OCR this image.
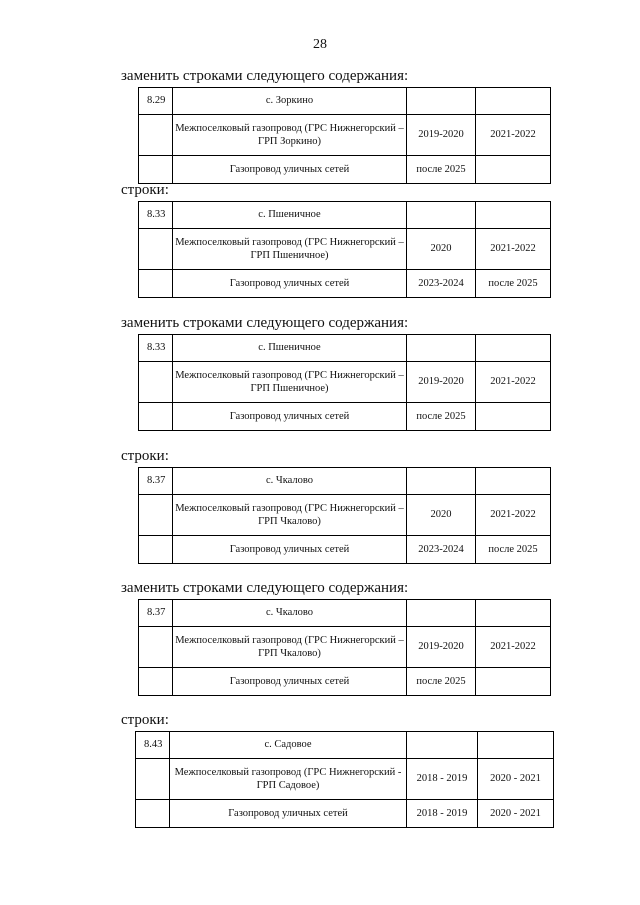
28
заменить строками следующего содержания:
8.29	с. Зоркино		
	Межпоселковый газопровод (ГРС Нижнегорский – ГРП Зоркино)	2019-2020	2021-2022
	Газопровод уличных сетей	после 2025	
строки:
8.33	с. Пшеничное		
	Межпоселковый газопровод (ГРС Нижнегорский – ГРП Пшеничное)	2020	2021-2022
	Газопровод уличных сетей	2023-2024	после 2025
заменить строками следующего содержания:
8.33	с. Пшеничное		
	Межпоселковый газопровод (ГРС Нижнегорский – ГРП Пшеничное)	2019-2020	2021-2022
	Газопровод уличных сетей	после 2025	
строки:
8.37	с. Чкалово		
	Межпоселковый газопровод (ГРС Нижнегорский – ГРП Чкалово)	2020	2021-2022
	Газопровод уличных сетей	2023-2024	после 2025
заменить строками следующего содержания:
8.37	с. Чкалово		
	Межпоселковый газопровод (ГРС Нижнегорский – ГРП Чкалово)	2019-2020	2021-2022
	Газопровод уличных сетей	после 2025	
строки:
8.43	с. Садовое		
	Межпоселковый газопровод (ГРС Нижнегорский - ГРП Садовое)	2018 - 2019	2020 - 2021
	Газопровод уличных сетей	2018 - 2019	2020 - 2021
